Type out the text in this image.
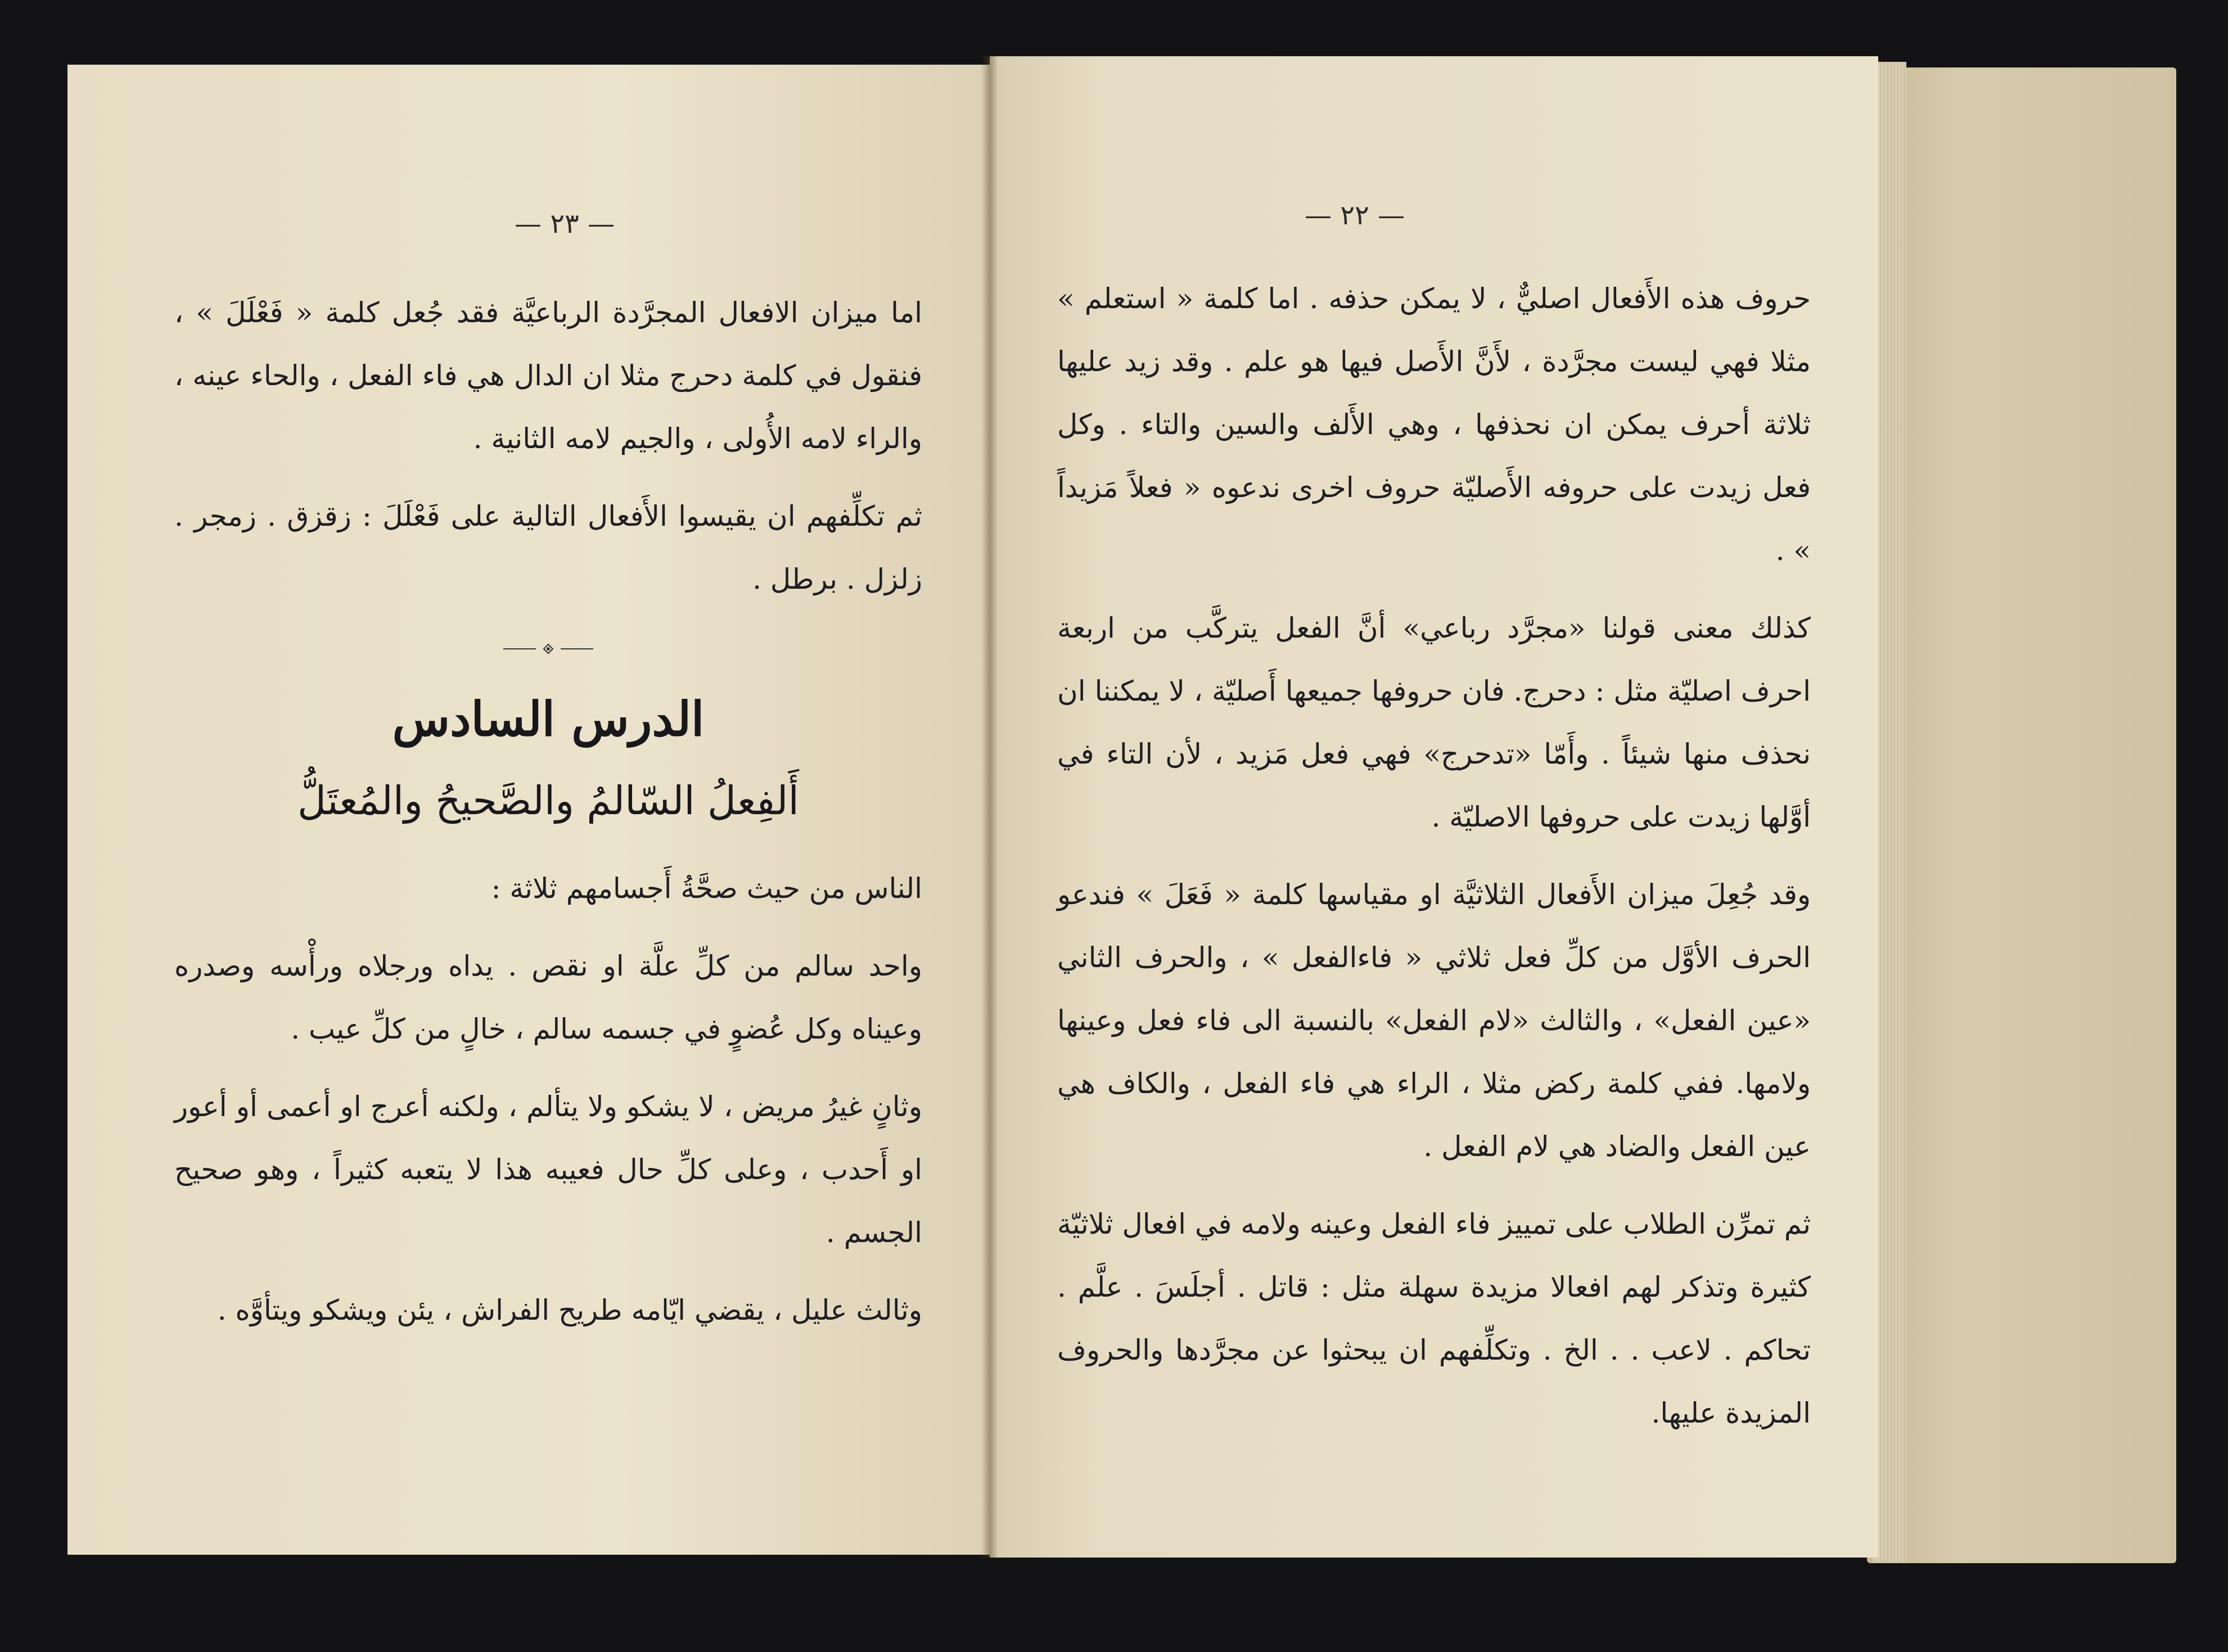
— ٢٣ —

اما ميزان الافعال المجرَّدة الرباعيَّة فقد جُعل كلمة « فَعْلَلَ » ، فنقول في كلمة دحرج مثلا ان الدال هي فاء الفعل ، والحاء عينه ، والراء لامه الأُولى ، والجيم لامه الثانية .

ثم تكلِّفهم ان يقيسوا الأَفعال التالية على فَعْلَلَ : زقزق . زمجر . زلزل . برطل .

الدرس السادس
أَلفِعلُ السّالمُ والصَّحيحُ والمُعتَلُّ

الناس من حيث صحَّةُ أَجسامهم ثلاثة :

واحد سالم من كلِّ علَّة او نقص . يداه ورجلاه ورأْسه وصدره وعيناه وكل عُضوٍ في جسمه سالم ، خالٍ من كلِّ عيب .

وثانٍ غيرُ مريض ، لا يشكو ولا يتألم ، ولكنه أعرج او أعمى أو أعور او أَحدب ، وعلى كلِّ حال فعيبه هذا لا يتعبه كثيراً ، وهو صحيح الجسم .

وثالث عليل ، يقضي ايّامه طريح الفراش ، يئن ويشكو ويتأوَّه .

— ٢٢ —

حروف هذه الأَفعال اصليٌّ ، لا يمكن حذفه . اما كلمة « استعلم » مثلا فهي ليست مجرَّدة ، لأَنَّ الأَصل فيها هو علم . وقد زيد عليها ثلاثة أحرف يمكن ان نحذفها ، وهي الأَلف والسين والتاء . وكل فعل زيدت على حروفه الأَصليّة حروف اخرى ندعوه « فعلاً مَزيداً » .

كذلك معنى قولنا «مجرَّد رباعي» أنَّ الفعل يتركَّب من اربعة احرف اصليّة مثل : دحرج. فان حروفها جميعها أَصليّة ، لا يمكننا ان نحذف منها شيئاً . وأَمّا «تدحرج» فهي فعل مَزيد ، لأن التاء في أوَّلها زيدت على حروفها الاصليّة .

وقد جُعِلَ ميزان الأَفعال الثلاثيَّة او مقياسها كلمة « فَعَلَ » فندعو الحرف الأوَّل من كلِّ فعل ثلاثي « فاءالفعل » ، والحرف الثاني «عين الفعل» ، والثالث «لام الفعل» بالنسبة الى فاء فعل وعينها ولامها. ففي كلمة ركض مثلا ، الراء هي فاء الفعل ، والكاف هي عين الفعل والضاد هي لام الفعل .

ثم تمرِّن الطلاب على تمييز فاء الفعل وعينه ولامه في افعال ثلاثيّة كثيرة وتذكر لهم افعالا مزيدة سهلة مثل : قاتل . أجلَسَ . علَّم . تحاكم . لاعب . . الخ . وتكلِّفهم ان يبحثوا عن مجرَّدها والحروف المزيدة عليها.
